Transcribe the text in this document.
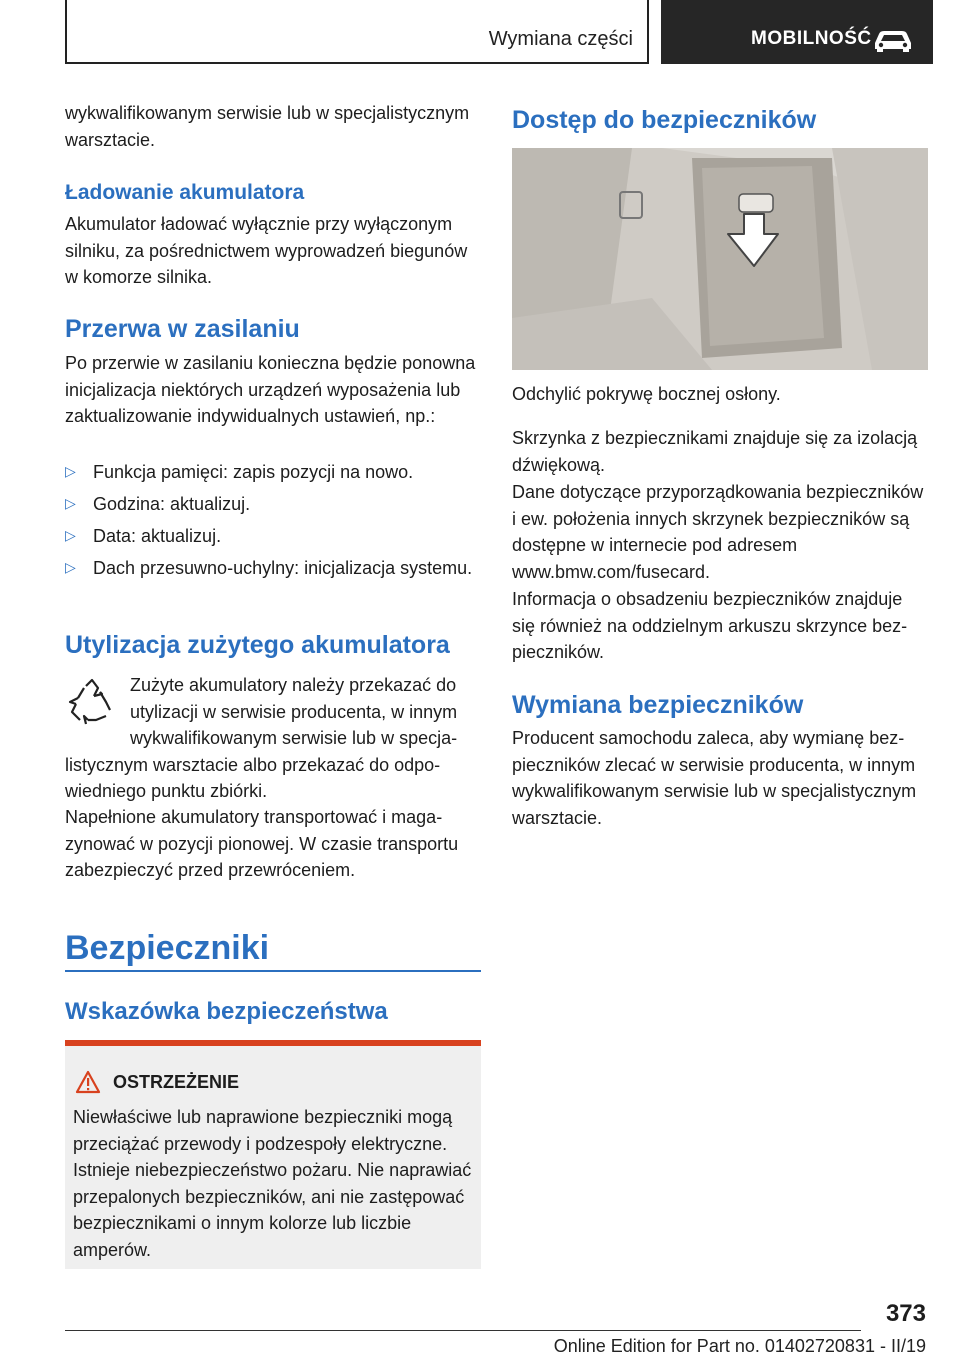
Wymiana części	MOBILNOŚĆ

wykwalifikowanym serwisie lub w specjalistycznym warsztacie.

Ładowanie akumulatora

Akumulator ładować wyłącznie przy wyłączonym silniku, za pośrednictwem wyprowadzeń biegunów w komorze silnika.

Przerwa w zasilaniu

Po przerwie w zasilaniu konieczna będzie ponowna inicjalizacja niektórych urządzeń wyposażenia lub zaktualizowanie indywidualnych ustawień, np.:

▷ Funkcja pamięci: zapis pozycji na nowo.
▷ Godzina: aktualizuj.
▷ Data: aktualizuj.
▷ Dach przesuwno-uchylny: inicjalizacja systemu.
Utylizacja zużytego akumulatora

Zużyte akumulatory należy przekazać do utylizacji w serwisie producenta, w innym wykwalifikowanym serwisie lub w specjalistycznym warsztacie albo przekazać do odpowiedniego punktu zbiórki.

Napełnione akumulatory transportować i magazynować w pozycji pionowej. W czasie transportu zabezpieczyć przed przewróceniem.

Bezpieczniki
Wskazówka bezpieczeństwa
OSTRZEŻENIE
Niewłaściwe lub naprawione bezpieczniki mogą przeciążać przewody i podzespoły elektryczne. Istnieje niebezpieczeństwo pożaru. Nie naprawiać przepalonych bezpieczników, ani nie zastępować bezpiecznikami o innym kolorze lub liczbie amperów.
Dostęp do bezpieczników

Odchylić pokrywę bocznej osłony.

Skrzynka z bezpiecznikami znajduje się za izolacją dźwiękową.

Dane dotyczące przyporządkowania bezpieczników i ew. położenia innych skrzynek bezpieczników są dostępne w internecie pod adresem www.bmw.com/fusecard.

Informacja o obsadzeniu bezpieczników znajduje się również na oddzielnym arkuszu skrzynce bezpieczników.

Wymiana bezpieczników

Producent samochodu zaleca, aby wymianę bezpieczników zlecać w serwisie producenta, w innym wykwalifikowanym serwisie lub w specjalistycznym warsztacie.

373
Online Edition for Part no. 01402720831 - II/19
